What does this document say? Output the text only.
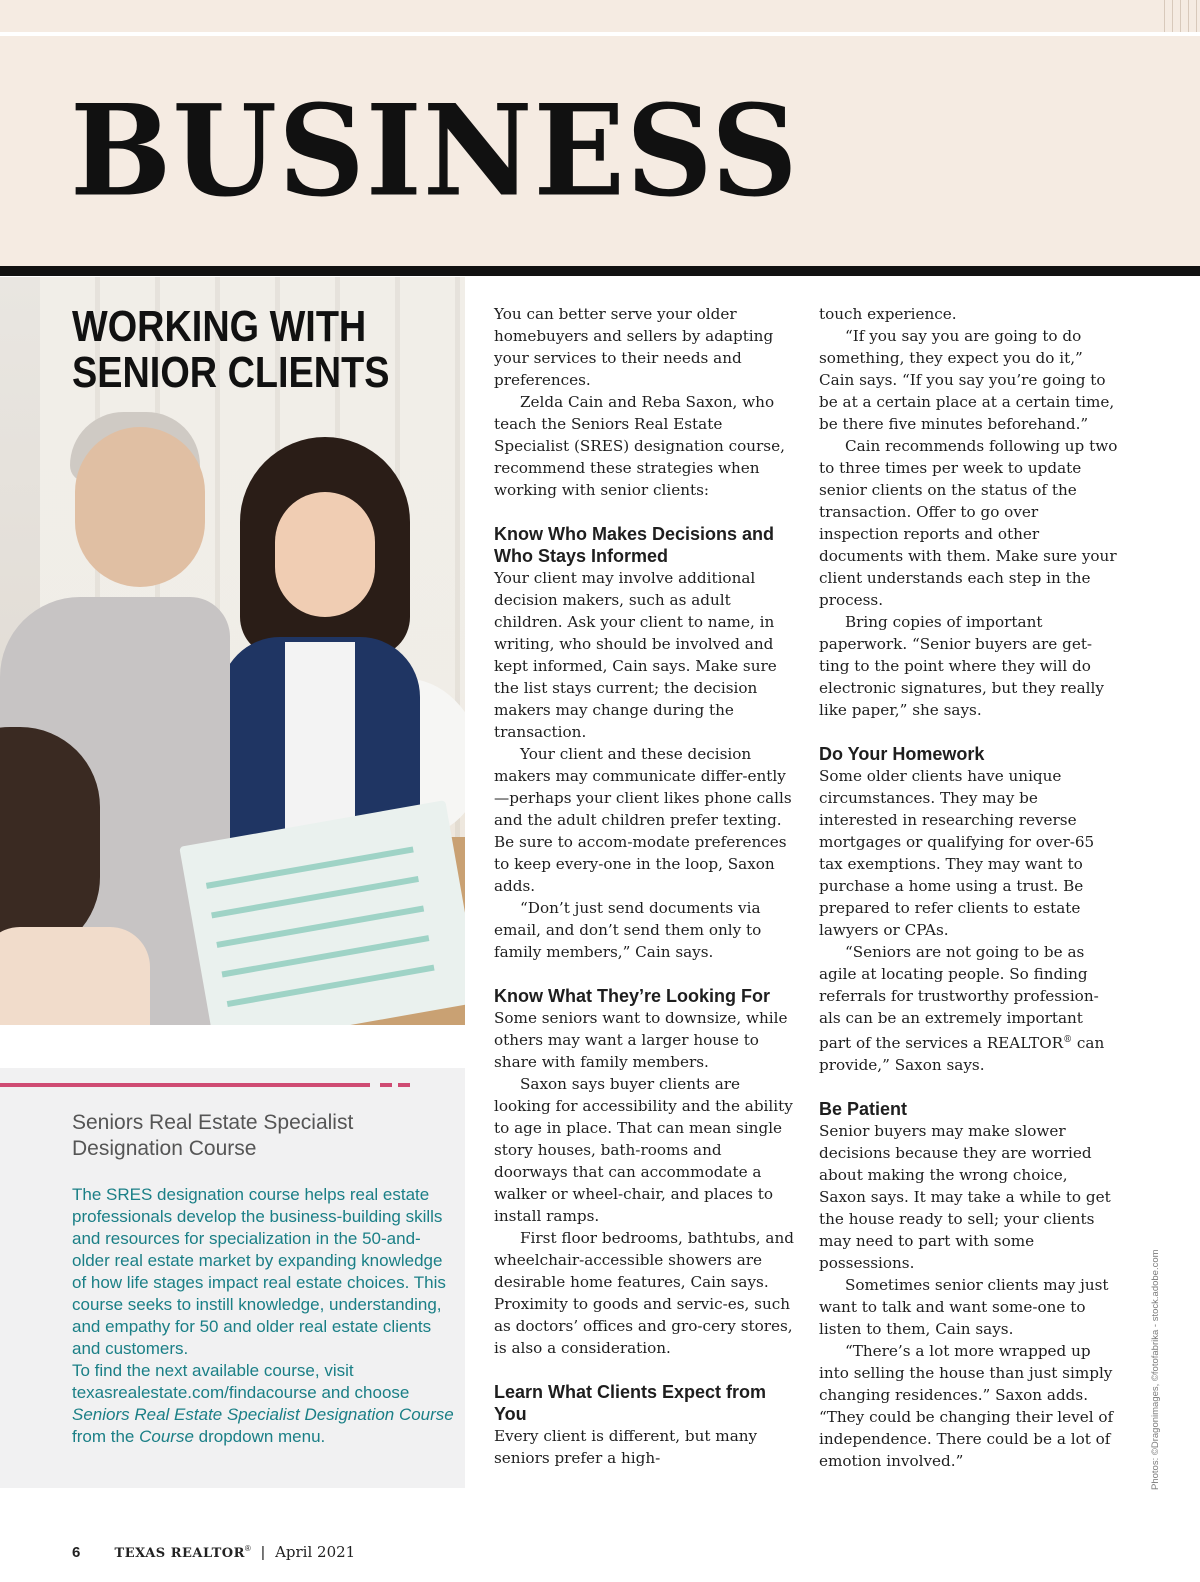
BUSINESS
WORKING WITH
SENIOR CLIENTS
Seniors Real Estate Specialist Designation Course

The SRES designation course helps real estate professionals develop the business-building skills and resources for specialization in the 50-and-older real estate market by expanding knowledge of how life stages impact real estate choices. This course seeks to instill knowledge, understanding, and empathy for 50 and older real estate clients and customers.

To find the next available course, visit texasrealestate.com/findacourse and choose Seniors Real Estate Specialist Designation Course from the Course dropdown menu.

You can better serve your older homebuyers and sellers by adapting your services to their needs and preferences.

Zelda Cain and Reba Saxon, who teach the Seniors Real Estate Specialist (SRES) designation course, recommend these strategies when working with senior clients:

Know Who Makes Decisions and Who Stays Informed

Your client may involve additional decision makers, such as adult children. Ask your client to name, in writing, who should be involved and kept informed, Cain says. Make sure the list stays current; the decision makers may change during the transaction.

Your client and these decision makers may communicate differ-ently—perhaps your client likes phone calls and the adult children prefer texting. Be sure to accom-modate preferences to keep every-one in the loop, Saxon adds.

“Don’t just send documents via email, and don’t send them only to family members,” Cain says.

Know What They’re Looking For

Some seniors want to downsize, while others may want a larger house to share with family members.

Saxon says buyer clients are looking for accessibility and the ability to age in place. That can mean single story houses, bath-rooms and doorways that can accommodate a walker or wheel-chair, and places to install ramps.

First floor bedrooms, bathtubs, and wheelchair-accessible showers are desirable home features, Cain says. Proximity to goods and servic-es, such as doctors’ offices and gro-cery stores, is also a consideration.

Learn What Clients Expect from You

Every client is different, but many seniors prefer a high-

touch experience.

“If you say you are going to do something, they expect you do it,” Cain says. “If you say you’re going to be at a certain place at a certain time, be there five minutes beforehand.”

Cain recommends following up two to three times per week to update senior clients on the status of the transaction. Offer to go over inspection reports and other documents with them. Make sure your client understands each step in the process.

Bring copies of important paperwork. “Senior buyers are get-ting to the point where they will do electronic signatures, but they really like paper,” she says.

Do Your Homework

Some older clients have unique circumstances. They may be interested in researching reverse mortgages or qualifying for over-65 tax exemptions. They may want to purchase a home using a trust. Be prepared to refer clients to estate lawyers or CPAs.

“Seniors are not going to be as agile at locating people. So finding referrals for trustworthy profession-als can be an extremely important part of the services a REALTOR® can provide,” Saxon says.

Be Patient

Senior buyers may make slower decisions because they are worried about making the wrong choice, Saxon says. It may take a while to get the house ready to sell; your clients may need to part with some possessions.

Sometimes senior clients may just want to talk and want some-one to listen to them, Cain says.

“There’s a lot more wrapped up into selling the house than just simply changing residences.” Saxon adds. “They could be changing their level of independence. There could be a lot of emotion involved.”	Photos: ©Dragonimages, ©fotofabrika - stock.adobe.com
6	TEXAS REALTOR® | April 2021
